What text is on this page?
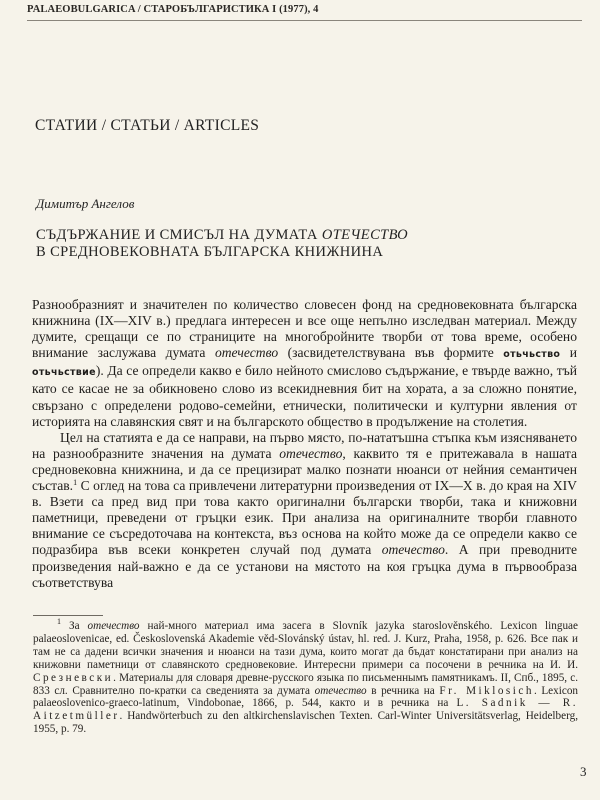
PALAEOBULGARICA / СТАРОБЪЛГАРИСТИКА I (1977), 4
СТАТИИ / СТАТЬИ / ARTICLES
Димитър Ангелов
СЪДЪРЖАНИЕ И СМИСЪЛ НА ДУМАТА ОТЕЧЕСТВО
В СРЕДНОВЕКОВНАТА БЪЛГАРСКА КНИЖНИНА

Разнообразният и значителен по количество словесен фонд на средновековната българска книжнина (IX—XIV в.) предлага интересен и все още непълно изследван материал. Между думите, срещащи се по страниците на многобройните творби от това време, особено внимание заслужава думата отечество (засвидетелствувана във формите отьчьство и отьчьствие). Да се определи какво е било нейното смислово съдържание, е твърде важно, тъй като се касае не за обикновено слово из всекидневния бит на хората, а за сложно понятие, свързано с определени родово-семейни, етнически, политически и културни явления от историята на славянския свят и на българското общество в продължение на столетия.

Цел на статията е да се направи, на първо място, по-нататъшна стъпка към изясняването на разнообразните значения на думата отечество, каквито тя е притежавала в нашата средновековна книжнина, и да се прецизират малко познати нюанси от нейния семантичен състав.$^1$ С оглед на това са привлечени литературни произведения от IX—X в. до края на XIV в. Взети са пред вид при това както оригинални български творби, така и книжовни паметници, преведени от гръцки език. При анализа на оригиналните творби главното внимание се съсредоточава на контекста, въз основа на който може да се определи какво се подразбира във всеки конкретен случай под думата отечество. А при преводните произведения най-важно е да се установи на мястото на коя гръцка дума в първообраза съответствува

$^1$ За отечество най-много материал има засега в Slovník jazyka staroslověnského. Lexicon linguae palaeoslovenicae, ed. Československá Akademie věd-Slovánský ústav, hl. red. J. Kurz, Praha, 1958, p. 626. Все пак и там не са дадени всички значения и нюанси на тази дума, които могат да бъдат констатирани при анализ на книжовни паметници от славянското средновековие. Интересни примери са посочени в речника на И. И. Срезневски. Материалы для словаря древне-русского языка по письменнымъ памятникамъ. II, Спб., 1895, с. 833 сл. Сравнително по-кратки са сведенията за думата отечество в речника на Fr. Miklosich. Lexicon palaeoslovenico-graeco-latinum, Vindobonae, 1866, p. 544, както и в речника на L. Sadnik — R. Aitzetmüller. Handwörterbuch zu den altkirchenslavischen Texten. Carl-Winter Universitätsverlag, Heidelberg, 1955, p. 79.

3
